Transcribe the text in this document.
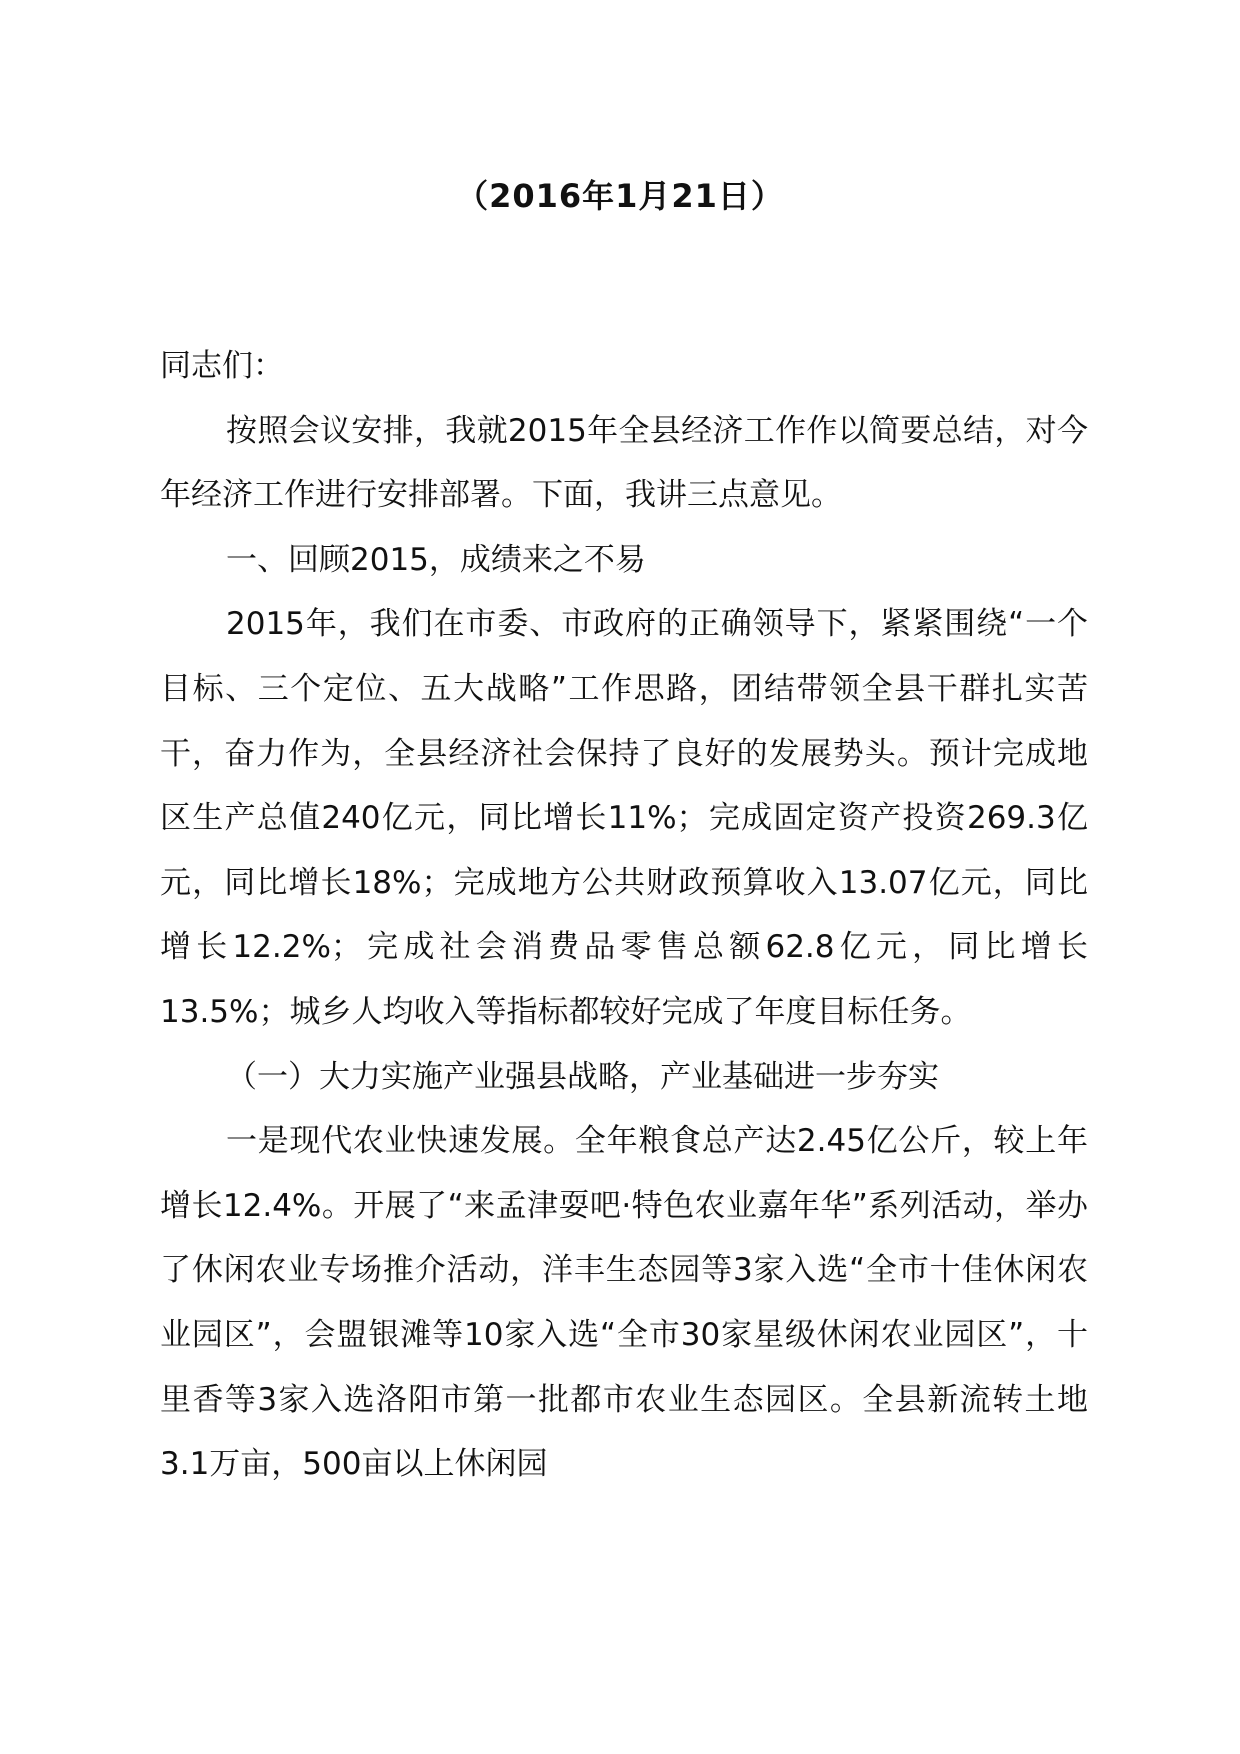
（2016年1月21日）

同志们：

按照会议安排，我就2015年全县经济工作作以简要总结，对今年经济工作进行安排部署。下面，我讲三点意见。

一、回顾2015，成绩来之不易

2015年，我们在市委、市政府的正确领导下，紧紧围绕“一个目标、三个定位、五大战略”工作思路，团结带领全县干群扎实苦干，奋力作为，全县经济社会保持了良好的发展势头。预计完成地区生产总值240亿元，同比增长11%；完成固定资产投资269.3亿元，同比增长18%；完成地方公共财政预算收入13.07亿元，同比增长12.2%；完成社会消费品零售总额62.8亿元，同比增长13.5%；城乡人均收入等指标都较好完成了年度目标任务。

（一）大力实施产业强县战略，产业基础进一步夯实

一是现代农业快速发展。全年粮食总产达2.45亿公斤，较上年增长12.4%。开展了“来孟津耍吧·特色农业嘉年华”系列活动，举办了休闲农业专场推介活动，洋丰生态园等3家入选“全市十佳休闲农业园区”，会盟银滩等10家入选“全市30家星级休闲农业园区”，十里香等3家入选洛阳市第一批都市农业生态园区。全县新流转土地3.1万亩，500亩以上休闲园
